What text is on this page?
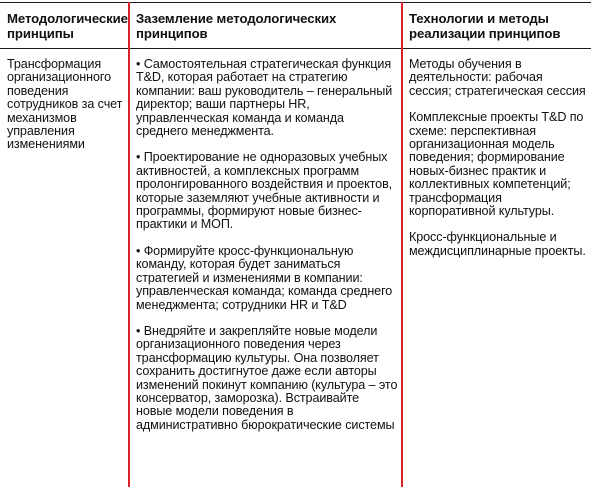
Методологические принципы
Заземление методологических принципов
Технологии и методы реализации принципов

Трансформация организационного поведения сотрудников за счет механизмов управления изменениями

• Самостоятельная стратегическая функция T&D, которая работает на стратегию компании: ваш руководитель – генеральный директор; ваши партнеры HR, управленческая команда и команда среднего менеджмента.

• Проектирование не одноразовых учебных активностей, а комплексных программ пролонгированного воздействия и проектов, которые заземляют учебные активности и программы, формируют новые бизнес- практики и МОП.

• Формируйте кросс-функциональную команду, которая будет заниматься стратегией и изменениями в компании: управленческая команда; команда среднего менеджмента; сотрудники HR и T&D

• Внедряйте и закрепляйте новые модели организационного поведения через трансформацию культуры. Она позволяет сохранить достигнутое даже если авторы изменений покинут компанию (культура – это консерватор, заморозка). Встраивайте новые модели поведения в административно бюрократические системы

Методы обучения в деятельности: рабочая сессия; стратегическая сессия

Комплексные проекты T&D по схеме: перспективная организационная модель поведения; формирование новых-бизнес практик и коллективных компетенций; трансформация корпоративной культуры.

Кросс-функциональные и междисциплинарные проекты.
